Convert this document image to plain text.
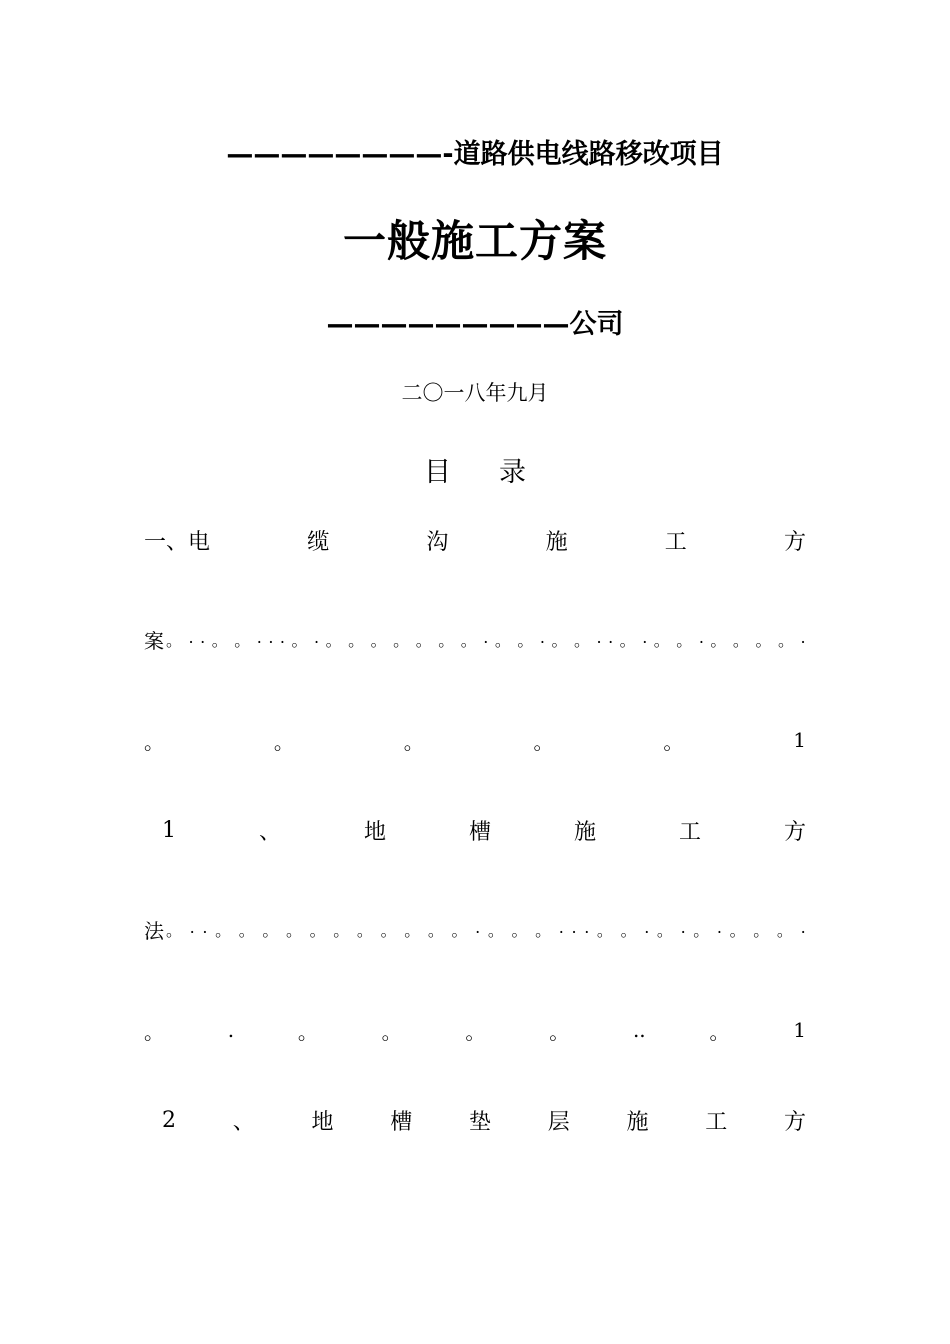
————————-道路供电线路移改项目
一般施工方案
—————————公司
二〇一八年九月
目 录
一、电	缆	沟	施	工	方
案 。 . . 。 。 . . . 。 . 。 。 。 。 。 。 。 . 。 。 . 。 。 . . 。 . 。 。 . 。 。 。 。 .
。	。	。	。	。	1
1	、	地	槽	施	工	方
法 。 . . 。 。 。 。 。 。 。 。 。 。 。 . 。 。 。 . . . 。 。 . 。 . 。 . 。 。 。 .
。	.	。	。	。	。	..	。	1
2	、	地	槽	垫	层	施	工	方
